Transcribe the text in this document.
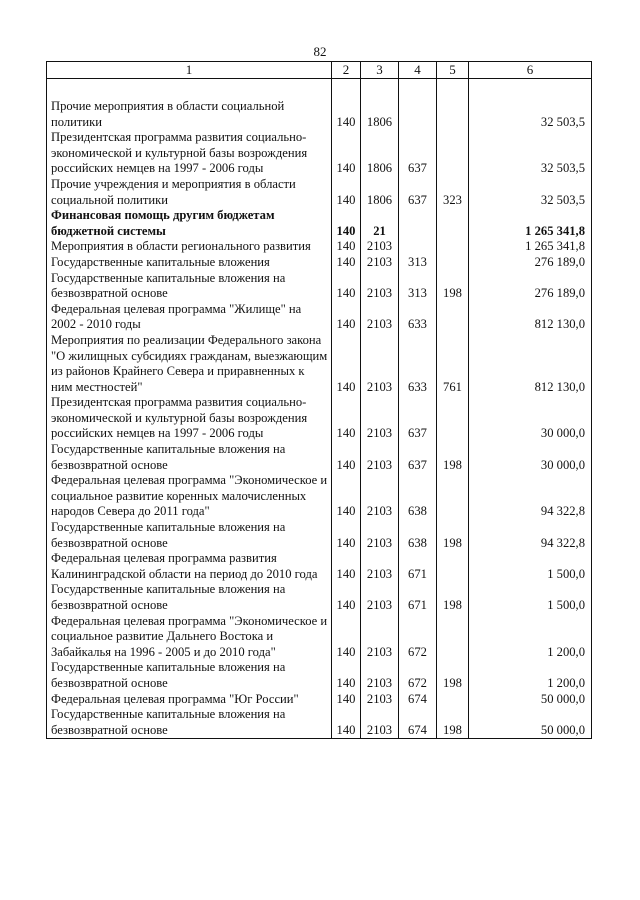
82
1	2	3	4	5	6

Прочие мероприятия в области социальной политики	140	1806			32 503,5
Президентская программа развития социально-экономической и культурной базы возрождения российских немцев на 1997 - 2006 годы	140	1806	637		32 503,5
Прочие учреждения и мероприятия в области социальной политики	140	1806	637	323	32 503,5
Финансовая помощь другим бюджетам бюджетной системы	140	21			1 265 341,8
Мероприятия в области регионального развития	140	2103			1 265 341,8
Государственные капитальные вложения	140	2103	313		276 189,0
Государственные капитальные вложения на безвозвратной основе	140	2103	313	198	276 189,0
Федеральная целевая программа "Жилище" на 2002 - 2010 годы	140	2103	633		812 130,0
Мероприятия по реализации Федерального закона "О жилищных субсидиях гражданам, выезжающим из районов Крайнего Севера и приравненных к ним местностей"	140	2103	633	761	812 130,0
Президентская программа развития социально-экономической и культурной базы возрождения российских немцев на 1997 - 2006 годы	140	2103	637		30 000,0
Государственные капитальные вложения на безвозвратной основе	140	2103	637	198	30 000,0
Федеральная целевая программа "Экономическое и социальное развитие коренных малочисленных народов Севера до 2011 года"	140	2103	638		94 322,8
Государственные капитальные вложения на безвозвратной основе	140	2103	638	198	94 322,8
Федеральная целевая программа развития Калининградской области на период до 2010 года	140	2103	671		1 500,0
Государственные капитальные вложения на безвозвратной основе	140	2103	671	198	1 500,0
Федеральная целевая программа "Экономическое и социальное развитие Дальнего Востока и Забайкалья на 1996 - 2005 и до 2010 года"	140	2103	672		1 200,0
Государственные капитальные вложения на безвозвратной основе	140	2103	672	198	1 200,0
Федеральная целевая программа "Юг России"	140	2103	674		50 000,0
Государственные капитальные вложения на безвозвратной основе	140	2103	674	198	50 000,0
